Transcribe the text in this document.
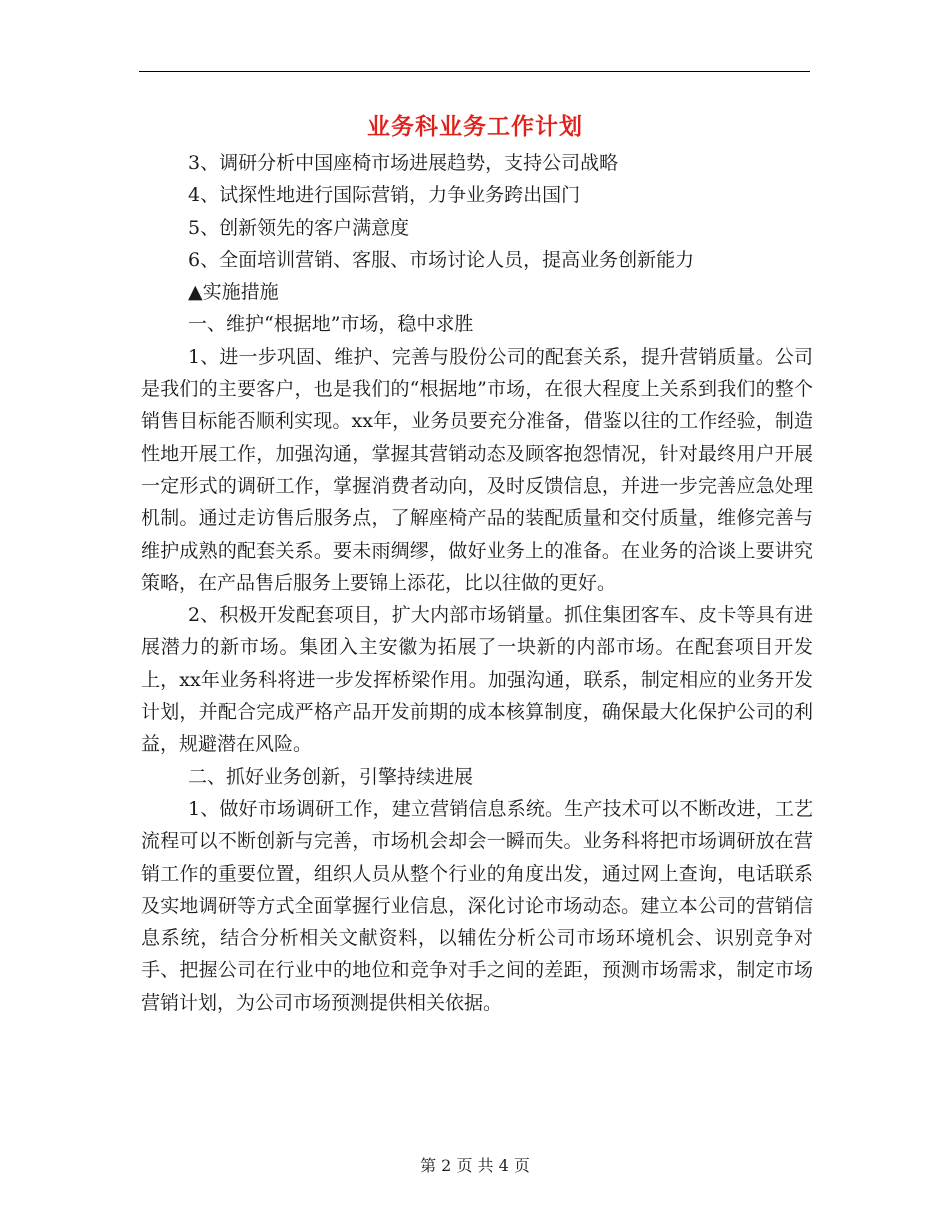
业务科业务工作计划

3、调研分析中国座椅市场进展趋势，支持公司战略

4、试探性地进行国际营销，力争业务跨出国门

5、创新领先的客户满意度

6、全面培训营销、客服、市场讨论人员，提高业务创新能力

▲实施措施

一、维护“根据地”市场，稳中求胜

1、进一步巩固、维护、完善与股份公司的配套关系，提升营销质量。公司是我们的主要客户，也是我们的“根据地”市场，在很大程度上关系到我们的整个销售目标能否顺利实现。xx年，业务员要充分准备，借鉴以往的工作经验，制造性地开展工作，加强沟通，掌握其营销动态及顾客抱怨情况，针对最终用户开展一定形式的调研工作，掌握消费者动向，及时反馈信息，并进一步完善应急处理机制。通过走访售后服务点，了解座椅产品的装配质量和交付质量，维修完善与维护成熟的配套关系。要未雨绸缪，做好业务上的准备。在业务的洽谈上要讲究策略，在产品售后服务上要锦上添花，比以往做的更好。

2、积极开发配套项目，扩大内部市场销量。抓住集团客车、皮卡等具有进展潜力的新市场。集团入主安徽为拓展了一块新的内部市场。在配套项目开发上，xx年业务科将进一步发挥桥梁作用。加强沟通，联系，制定相应的业务开发计划，并配合完成严格产品开发前期的成本核算制度，确保最大化保护公司的利益，规避潜在风险。

二、抓好业务创新，引擎持续进展

1、做好市场调研工作，建立营销信息系统。生产技术可以不断改进，工艺流程可以不断创新与完善，市场机会却会一瞬而失。业务科将把市场调研放在营销工作的重要位置，组织人员从整个行业的角度出发，通过网上查询，电话联系及实地调研等方式全面掌握行业信息，深化讨论市场动态。建立本公司的营销信息系统，结合分析相关文献资料，以辅佐分析公司市场环境机会、识别竞争对手、把握公司在行业中的地位和竞争对手之间的差距，预测市场需求，制定市场营销计划，为公司市场预测提供相关依据。

第 2 页 共 4 页
